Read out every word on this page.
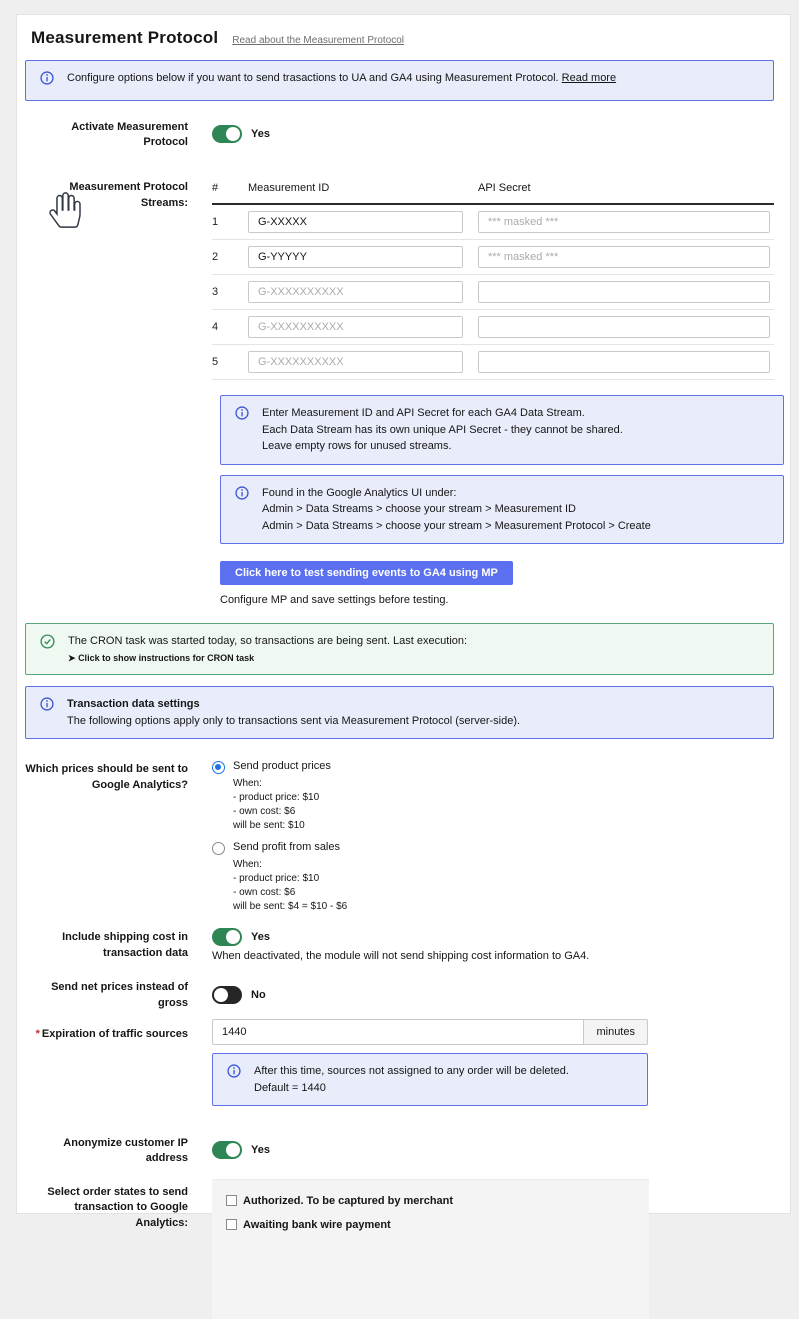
Measurement Protocol Read about the Measurement Protocol
Configure options below if you want to send trasactions to UA and GA4 using Measurement Protocol. Read more
Activate Measurement Protocol
Yes
Measurement Protocol Streams:
#	Measurement ID	API Secret
1	G-XXXXX	*** masked ***
2	G-YYYYY	*** masked ***
3	G-XXXXXXXXXX	
4	G-XXXXXXXXXX	
5	G-XXXXXXXXXX	
Enter Measurement ID and API Secret for each GA4 Data Stream.
Each Data Stream has its own unique API Secret - they cannot be shared.
Leave empty rows for unused streams.
Found in the Google Analytics UI under:
Admin > Data Streams > choose your stream > Measurement ID
Admin > Data Streams > choose your stream > Measurement Protocol > Create
Click here to test sending events to GA4 using MP
Configure MP and save settings before testing.
The CRON task was started today, so transactions are being sent. Last execution:
➤ Click to show instructions for CRON task
Transaction data settings
The following options apply only to transactions sent via Measurement Protocol (server-side).
Which prices should be sent to Google Analytics?
Send product prices
When:
- product price: $10
- own cost: $6
will be sent: $10
Send profit from sales
When:
- product price: $10
- own cost: $6
will be sent: $4 = $10 - $6
Include shipping cost in transaction data
Yes
When deactivated, the module will not send shipping cost information to GA4.
Send net prices instead of gross
No
* Expiration of traffic sources
1440	minutes
After this time, sources not assigned to any order will be deleted.
Default = 1440
Anonymize customer IP address
Yes
Select order states to send transaction to Google Analytics:
Authorized. To be captured by merchant
Awaiting bank wire payment
